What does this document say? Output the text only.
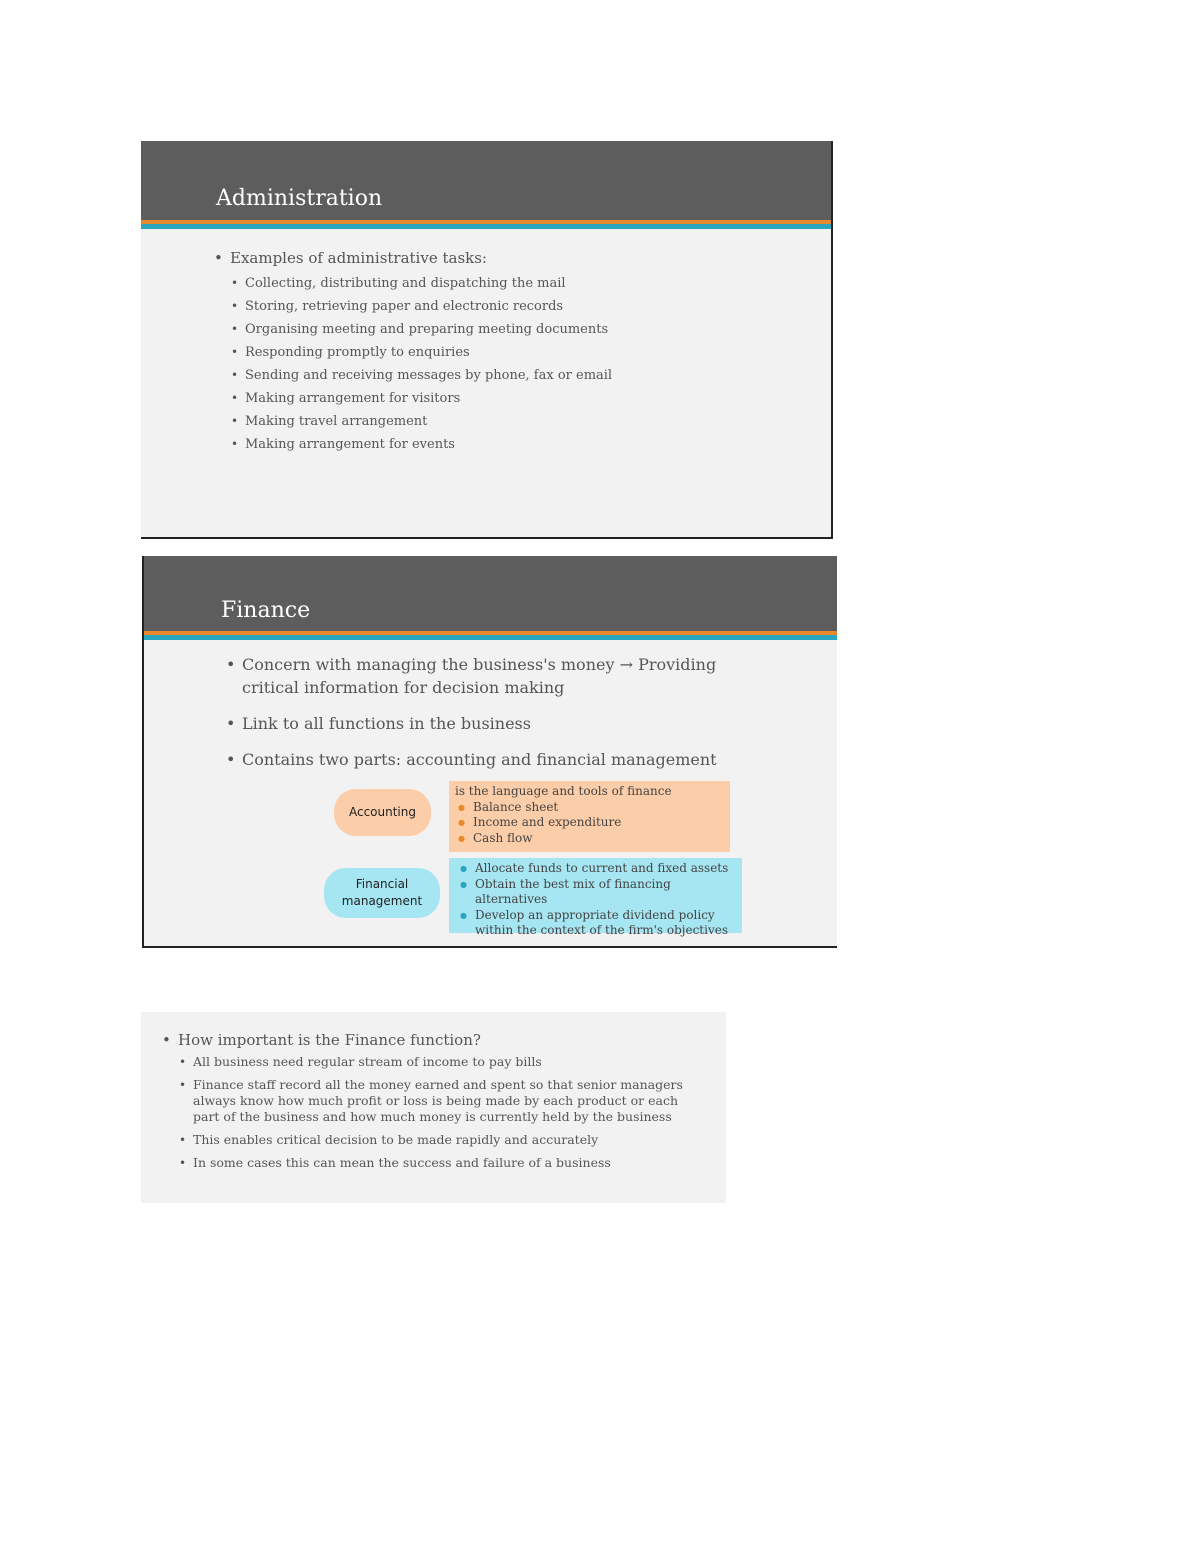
Administration
• Examples of administrative tasks:
• Collecting, distributing and dispatching the mail
• Storing, retrieving paper and electronic records
• Organising meeting and preparing meeting documents
• Responding promptly to enquiries
• Sending and receiving messages by phone, fax or email
• Making arrangement for visitors
• Making travel arrangement
• Making arrangement for events
Finance
• Concern with managing the business's money → Providing critical information for decision making
• Link to all functions in the business
• Contains two parts: accounting and financial management
Accounting
is the language and tools of finance
● Balance sheet
● Income and expenditure
● Cash flow
Financial
management
● Allocate funds to current and fixed assets
● Obtain the best mix of financing alternatives
● Develop an appropriate dividend policy within the context of the firm's objectives
• How important is the Finance function?
• All business need regular stream of income to pay bills
• Finance staff record all the money earned and spent so that senior managers always know how much profit or loss is being made by each product or each part of the business and how much money is currently held by the business
• This enables critical decision to be made rapidly and accurately
• In some cases this can mean the success and failure of a business
